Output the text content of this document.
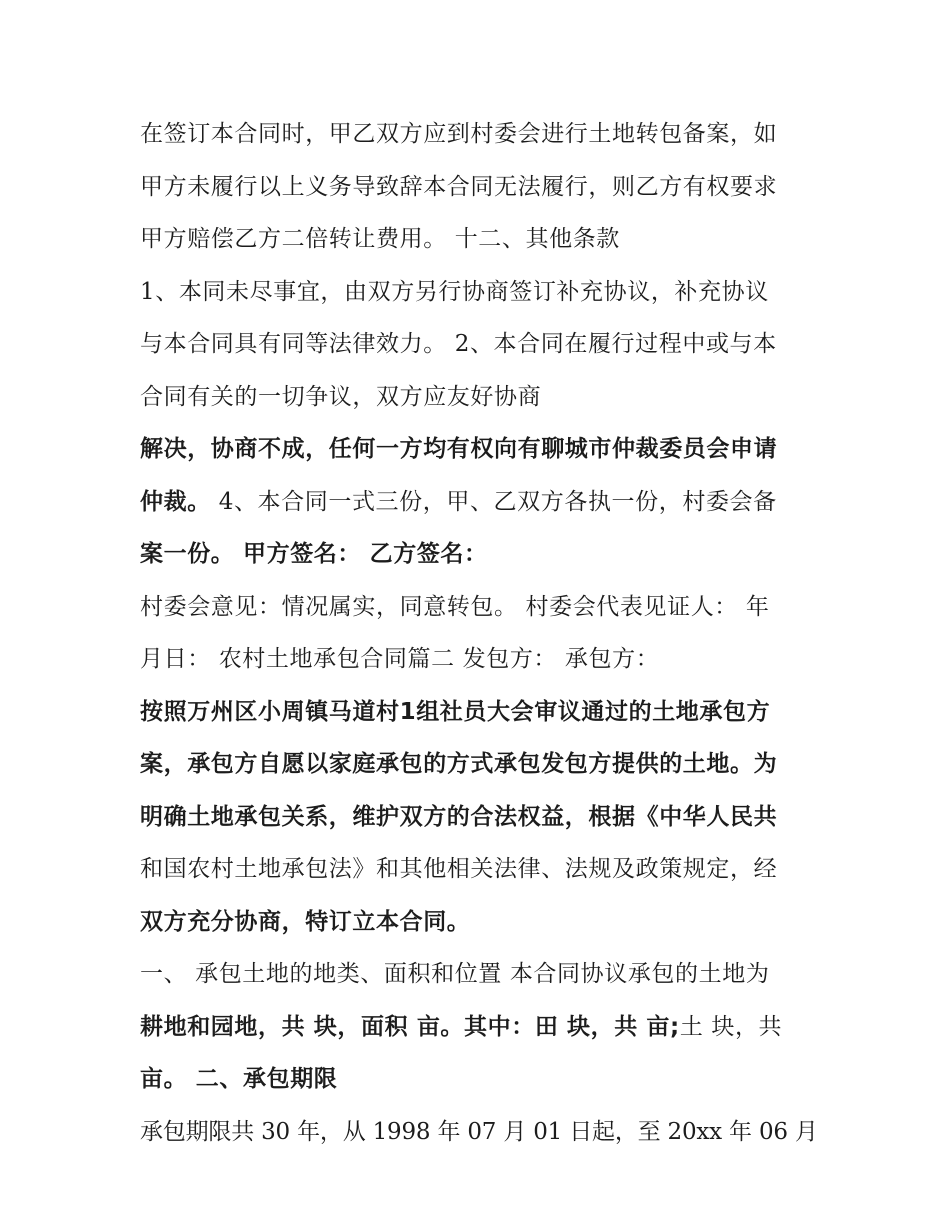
在签订本合同时，甲乙双方应到村委会进行土地转包备案，如
甲方未履行以上义务导致辞本合同无法履行，则乙方有权要求
甲方赔偿乙方二倍转让费用。 十二、其他条款
1、本同未尽事宜，由双方另行协商签订补充协议，补充协议
与本合同具有同等法律效力。 2、本合同在履行过程中或与本
合同有关的一切争议，双方应友好协商
解决，协商不成，任何一方均有权向有聊城市仲裁委员会申请
仲裁。 4、本合同一式三份，甲、乙双方各执一份，村委会备
案一份。 甲方签名： 乙方签名：
村委会意见：情况属实，同意转包。 村委会代表见证人： 年
月日： 农村土地承包合同篇二 发包方： 承包方：
按照万州区小周镇马道村1组社员大会审议通过的土地承包方
案，承包方自愿以家庭承包的方式承包发包方提供的土地。为
明确土地承包关系，维护双方的合法权益，根据《中华人民共
和国农村土地承包法》和其他相关法律、法规及政策规定，经
双方充分协商，特订立本合同。
一、 承包土地的地类、面积和位置 本合同协议承包的土地为
耕地和园地，共 块，面积 亩。其中：田 块，共 亩;土 块，共
亩。 二、承包期限
承包期限共 30 年，从 1998 年 07 月 01 日起，至 20xx 年 06 月
